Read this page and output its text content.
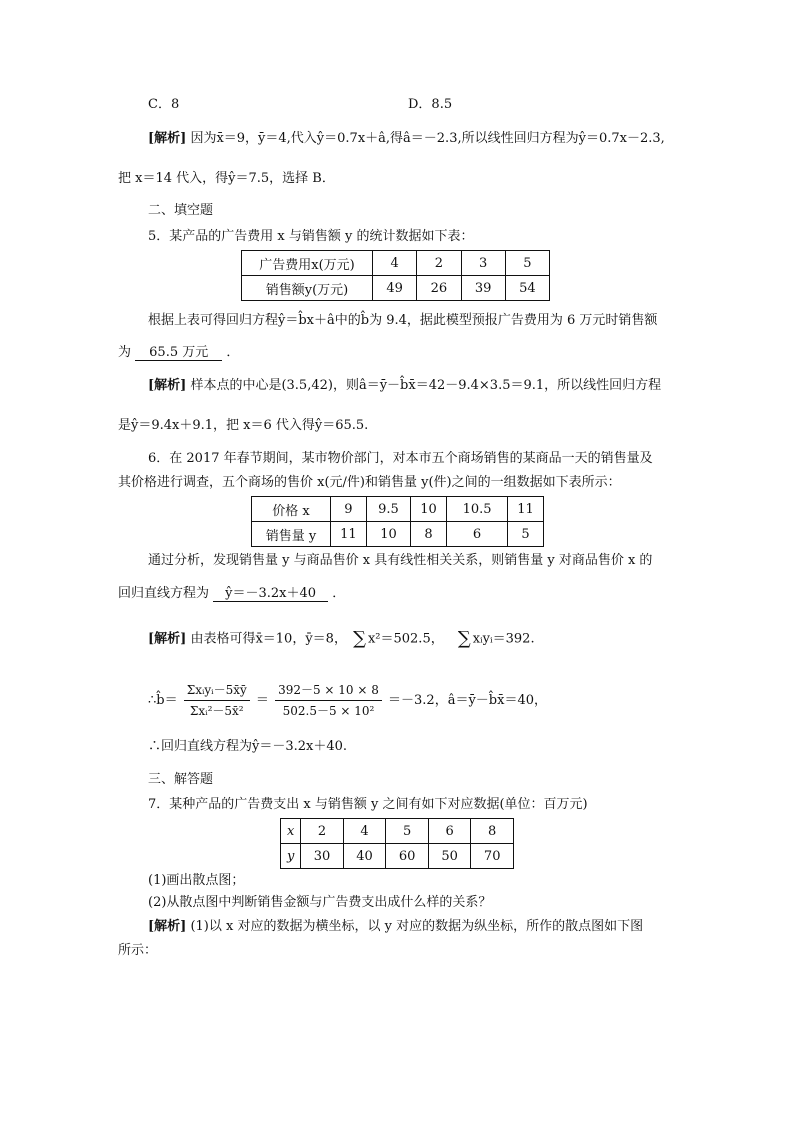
C．8	D．8.5
[解析] 因为x̄＝9，ȳ＝4,代入ŷ＝0.7x＋â,得â＝－2.3,所以线性回归方程为ŷ＝0.7x－2.3,
把 x＝14 代入，得ŷ＝7.5，选择 B．
二、填空题
5．某产品的广告费用 x 与销售额 y 的统计数据如下表：
广告费用x(万元)	4	2	3	5
销售额y(万元)	49	26	39	54
根据上表可得回归方程ŷ＝b̂x＋â中的b̂为 9.4，据此模型预报广告费用为 6 万元时销售额
为 65.5 万元 ．
[解析] 样本点的中心是(3.5,42)，则â＝ȳ－b̂x̄＝42－9.4×3.5＝9.1，所以线性回归方程
是ŷ＝9.4x＋9.1，把 x＝6 代入得ŷ＝65.5.
6．在 2017 年春节期间，某市物价部门，对本市五个商场销售的某商品一天的销售量及
其价格进行调查，五个商场的售价 x(元/件)和销售量 y(件)之间的一组数据如下表所示：
价格 x	9	9.5	10	10.5	11
销售量 y	11	10	8	6	5
通过分析，发现销售量 y 与商品售价 x 具有线性相关关系，则销售量 y 对商品售价 x 的
回归直线方程为 ŷ＝－3.2x＋40 ．
[解析] 由表格可得x̄＝10，ȳ＝8， ∑ x²＝502.5， ∑ xᵢyᵢ＝392.
∴b̂＝ $\frac{\text{Σxᵢyᵢ－5x̄ȳ}}{\text{Σxᵢ²－5x̄²}} = \frac{392-5 \times 10 \times 8}{\text{502.5－5 × 10²}} =-3.2$，â＝ȳ－b̂x̄＝40，
∴回归直线方程为ŷ＝－3.2x＋40.
三、解答题
7．某种产品的广告费支出 x 与销售额 y 之间有如下对应数据(单位：百万元)
x	2	4	5	6	8
y	30	40	60	50	70
(1)画出散点图；
(2)从散点图中判断销售金额与广告费支出成什么样的关系？
[解析] (1)以 x 对应的数据为横坐标，以 y 对应的数据为纵坐标，所作的散点图如下图
所示：
